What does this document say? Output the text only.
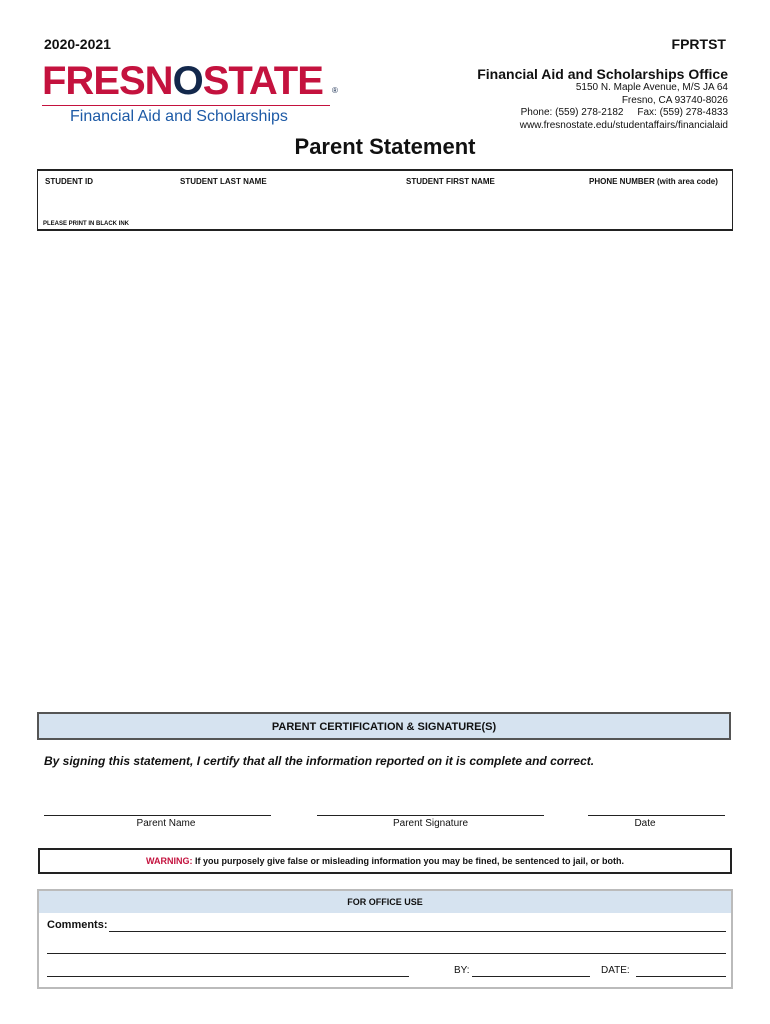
2020-2021	FPRTST
FRESNOSTATE	®
Financial Aid and Scholarships
Financial Aid and Scholarships Office
5150 N. Maple Avenue, M/S JA 64
Fresno, CA 93740-8026
Phone: (559) 278-2182     Fax: (559) 278-4833
www.fresnostate.edu/studentaffairs/financialaid
Parent Statement
STUDENT ID	STUDENT LAST NAME	STUDENT FIRST NAME	PHONE NUMBER (with area code)
PLEASE PRINT IN BLACK INK
PARENT CERTIFICATION & SIGNATURE(S)
By signing this statement, I certify that all the information reported on it is complete and correct.
Parent Name	Parent Signature	Date
WARNING: If you purposely give false or misleading information you may be fined, be sentenced to jail, or both.
FOR OFFICE USE
Comments:
BY:	DATE:
